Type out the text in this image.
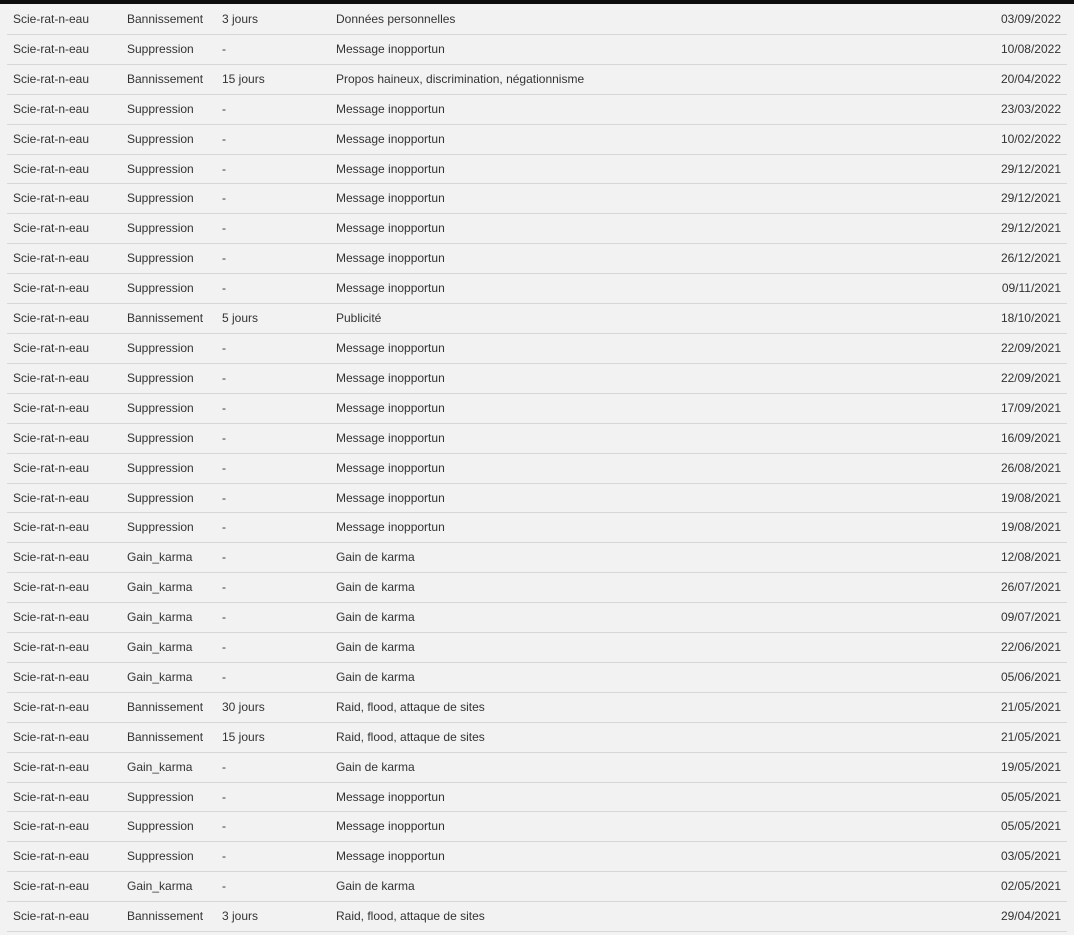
Scie-rat-n-eau	Bannissement 3 jours	Données personnelles	03/09/2022
Scie-rat-n-eau	Suppression -	Message inopportun	10/08/2022
Scie-rat-n-eau	Bannissement 15 jours	Propos haineux, discrimination, négationnisme	20/04/2022
Scie-rat-n-eau	Suppression -	Message inopportun	23/03/2022
Scie-rat-n-eau	Suppression -	Message inopportun	10/02/2022
Scie-rat-n-eau	Suppression -	Message inopportun	29/12/2021
Scie-rat-n-eau	Suppression -	Message inopportun	29/12/2021
Scie-rat-n-eau	Suppression -	Message inopportun	29/12/2021
Scie-rat-n-eau	Suppression -	Message inopportun	26/12/2021
Scie-rat-n-eau	Suppression -	Message inopportun	09/11/2021
Scie-rat-n-eau	Bannissement 5 jours	Publicité	18/10/2021
Scie-rat-n-eau	Suppression -	Message inopportun	22/09/2021
Scie-rat-n-eau	Suppression -	Message inopportun	22/09/2021
Scie-rat-n-eau	Suppression -	Message inopportun	17/09/2021
Scie-rat-n-eau	Suppression -	Message inopportun	16/09/2021
Scie-rat-n-eau	Suppression -	Message inopportun	26/08/2021
Scie-rat-n-eau	Suppression -	Message inopportun	19/08/2021
Scie-rat-n-eau	Suppression -	Message inopportun	19/08/2021
Scie-rat-n-eau	Gain_karma -	Gain de karma	12/08/2021
Scie-rat-n-eau	Gain_karma -	Gain de karma	26/07/2021
Scie-rat-n-eau	Gain_karma -	Gain de karma	09/07/2021
Scie-rat-n-eau	Gain_karma -	Gain de karma	22/06/2021
Scie-rat-n-eau	Gain_karma -	Gain de karma	05/06/2021
Scie-rat-n-eau	Bannissement 30 jours	Raid, flood, attaque de sites	21/05/2021
Scie-rat-n-eau	Bannissement 15 jours	Raid, flood, attaque de sites	21/05/2021
Scie-rat-n-eau	Gain_karma -	Gain de karma	19/05/2021
Scie-rat-n-eau	Suppression -	Message inopportun	05/05/2021
Scie-rat-n-eau	Suppression -	Message inopportun	05/05/2021
Scie-rat-n-eau	Suppression -	Message inopportun	03/05/2021
Scie-rat-n-eau	Gain_karma -	Gain de karma	02/05/2021
Scie-rat-n-eau	Bannissement 3 jours	Raid, flood, attaque de sites	29/04/2021
